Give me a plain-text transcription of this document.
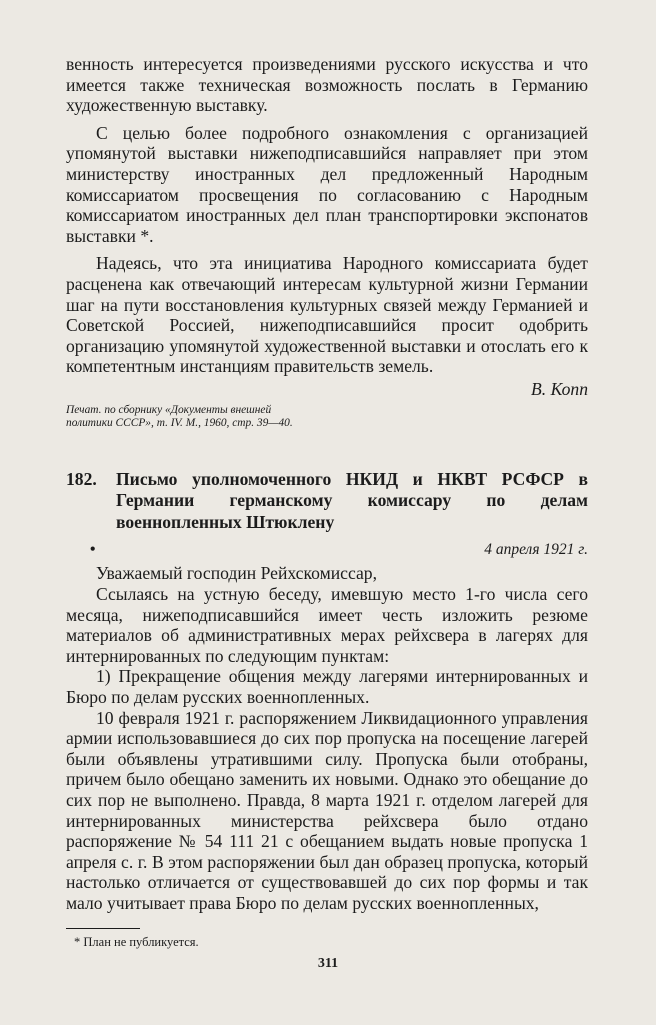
венность интересуется произведениями русского искусства и что имеется также техническая возможность послать в Германию художественную выставку.

С целью более подробного ознакомления с организацией упомянутой выставки нижеподписавшийся направляет при этом министерству иностранных дел предложенный Народным комиссариатом просвещения по согласованию с Народным комиссариатом иностранных дел план транспортировки экспонатов выставки *.

Надеясь, что эта инициатива Народного комиссариата будет расценена как отвечающий интересам культурной жизни Германии шаг на пути восстановления культурных связей между Германией и Советской Россией, нижеподписавшийся просит одобрить организацию упомянутой художественной выставки и отослать его к компетентным инстанциям правительств земель.

В. Копп
Печат. по сборнику «Документы внешней политики СССР», т. IV. М., 1960, стр. 39—40.
182.	Письмо уполномоченного НКИД и НКВТ РСФСР в Германии германскому комиссару по делам военнопленных Штюклену
•	4 апреля 1921 г.

Уважаемый господин Рейхскомиссар,

Ссылаясь на устную беседу, имевшую место 1-го числа сего месяца, нижеподписавшийся имеет честь изложить резюме материалов об административных мерах рейхсвера в лагерях для интернированных по следующим пунктам:

1) Прекращение общения между лагерями интернированных и Бюро по делам русских военнопленных.

10 февраля 1921 г. распоряжением Ликвидационного управления армии использовавшиеся до сих пор пропуска на посещение лагерей были объявлены утратившими силу. Пропуска были отобраны, причем было обещано заменить их новыми. Однако это обещание до сих пор не выполнено. Правда, 8 марта 1921 г. отделом лагерей для интернированных министерства рейхсвера было отдано распоряжение № 54 111 21 с обещанием выдать новые пропуска 1 апреля с. г. В этом распоряжении был дан образец пропуска, который настолько отличается от существовавшей до сих пор формы и так мало учитывает права Бюро по делам русских военнопленных,

* План не публикуется.
311
